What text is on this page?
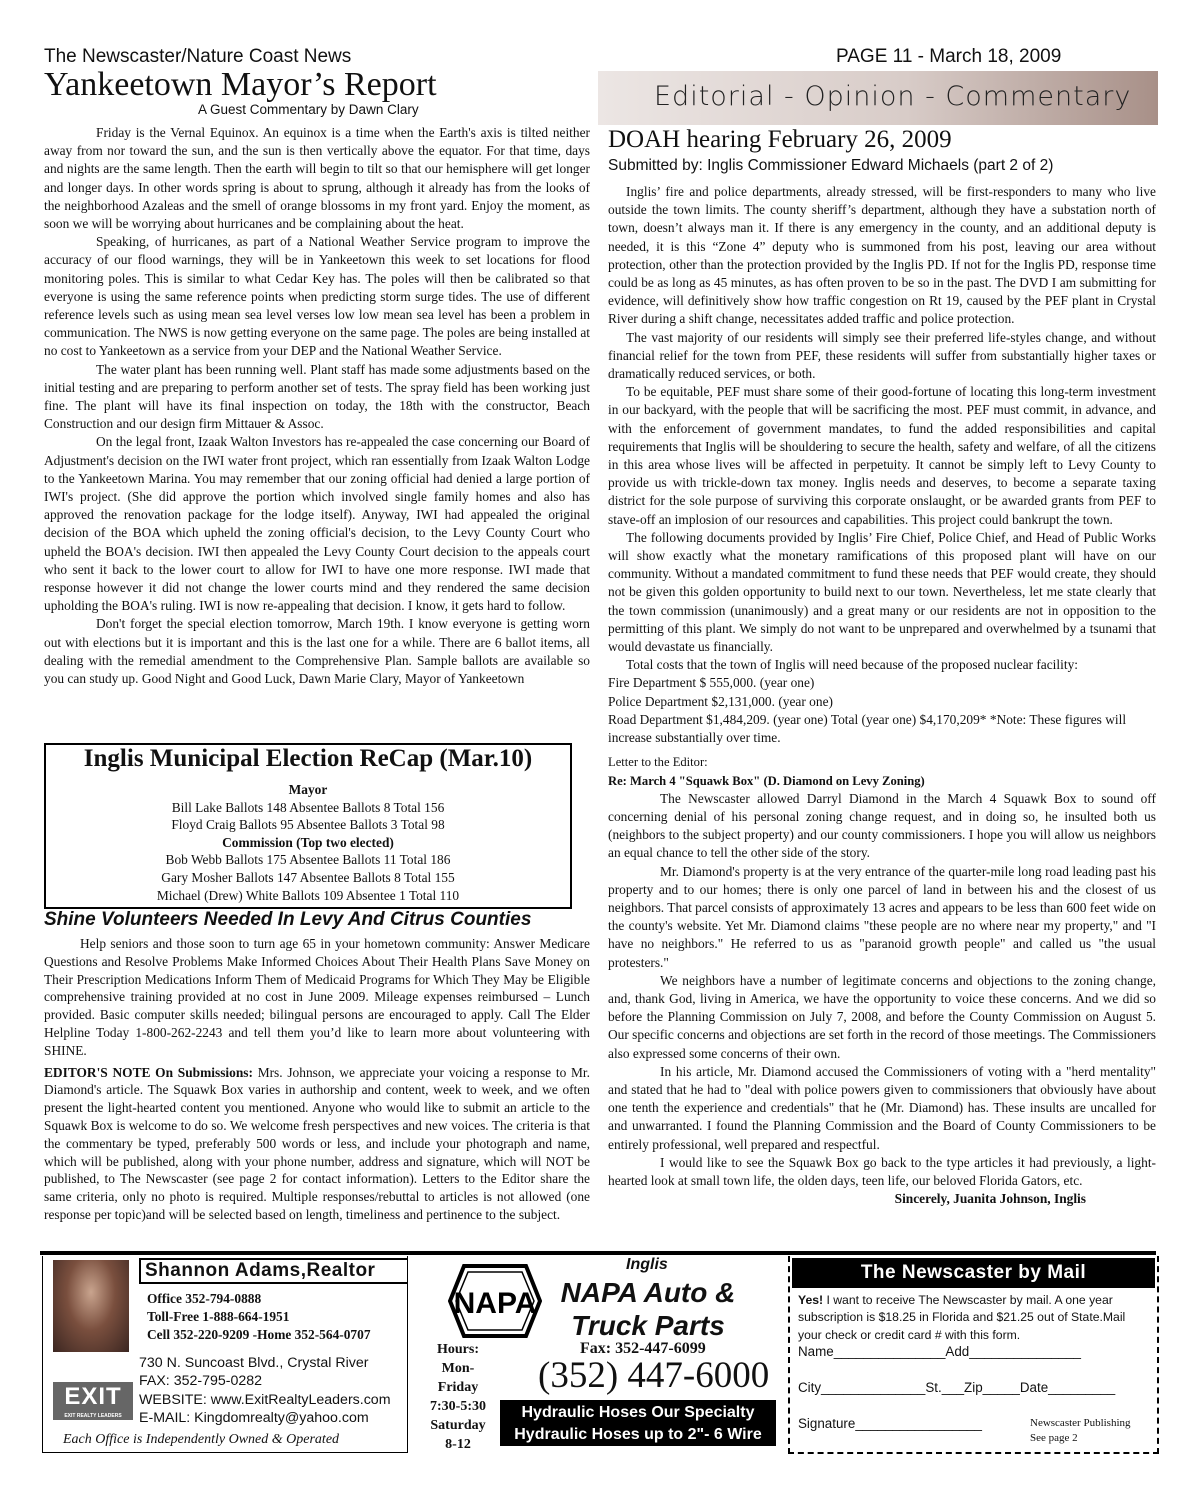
The Newscaster/Nature Coast News	PAGE 11 - March 18, 2009
Yankeetown Mayor’s Report
A Guest Commentary by Dawn Clary

Friday is the Vernal Equinox. An equinox is a time when the Earth's axis is tilted neither away from nor toward the sun, and the sun is then vertically above the equator. For that time, days and nights are the same length. Then the earth will begin to tilt so that our hemisphere will get longer and longer days. In other words spring is about to sprung, although it already has from the looks of the neighborhood Azaleas and the smell of orange blossoms in my front yard. Enjoy the moment, as soon we will be worrying about hurricanes and be complaining about the heat.

Speaking, of hurricanes, as part of a National Weather Service program to improve the accuracy of our flood warnings, they will be in Yankeetown this week to set locations for flood monitoring poles. This is similar to what Cedar Key has. The poles will then be calibrated so that everyone is using the same reference points when predicting storm surge tides. The use of different reference levels such as using mean sea level verses low low mean sea level has been a problem in communication. The NWS is now getting everyone on the same page. The poles are being installed at no cost to Yankeetown as a service from your DEP and the National Weather Service.

The water plant has been running well. Plant staff has made some adjustments based on the initial testing and are preparing to perform another set of tests. The spray field has been working just fine. The plant will have its final inspection on today, the 18th with the constructor, Beach Construction and our design firm Mittauer & Assoc.

On the legal front, Izaak Walton Investors has re-appealed the case concerning our Board of Adjustment's decision on the IWI water front project, which ran essentially from Izaak Walton Lodge to the Yankeetown Marina. You may remember that our zoning official had denied a large portion of IWI's project. (She did approve the portion which involved single family homes and also has approved the renovation package for the lodge itself). Anyway, IWI had appealed the original decision of the BOA which upheld the zoning official's decision, to the Levy County Court who upheld the BOA's decision. IWI then appealed the Levy County Court decision to the appeals court who sent it back to the lower court to allow for IWI to have one more response. IWI made that response however it did not change the lower courts mind and they rendered the same decision upholding the BOA's ruling. IWI is now re-appealing that decision. I know, it gets hard to follow.

Don't forget the special election tomorrow, March 19th. I know everyone is getting worn out with elections but it is important and this is the last one for a while. There are 6 ballot items, all dealing with the remedial amendment to the Comprehensive Plan. Sample ballots are available so you can study up. Good Night and Good Luck, Dawn Marie Clary, Mayor of Yankeetown

Inglis Municipal Election ReCap (Mar.10)
Mayor
Bill Lake Ballots 148 Absentee Ballots 8 Total 156
Floyd Craig Ballots 95 Absentee Ballots 3 Total 98
Commission (Top two elected)
Bob Webb Ballots 175 Absentee Ballots 11 Total 186
Gary Mosher Ballots 147 Absentee Ballots 8 Total 155
Michael (Drew) White Ballots 109 Absentee 1 Total 110
Shine Volunteers Needed In Levy And Citrus Counties

Help seniors and those soon to turn age 65 in your hometown community: Answer Medicare Questions and Resolve Problems Make Informed Choices About Their Health Plans Save Money on Their Prescription Medications Inform Them of Medicaid Programs for Which They May be Eligible comprehensive training provided at no cost in June 2009. Mileage expenses reimbursed – Lunch provided. Basic computer skills needed; bilingual persons are encouraged to apply. Call The Elder Helpline Today 1-800-262-2243 and tell them you’d like to learn more about volunteering with SHINE.

EDITOR'S NOTE On Submissions: Mrs. Johnson, we appreciate your voicing a response to Mr. Diamond's article. The Squawk Box varies in authorship and content, week to week, and we often present the light-hearted content you mentioned. Anyone who would like to submit an article to the Squawk Box is welcome to do so. We welcome fresh perspectives and new voices. The criteria is that the commentary be typed, preferably 500 words or less, and include your photograph and name, which will be published, along with your phone number, address and signature, which will NOT be published, to The Newscaster (see page 2 for contact information). Letters to the Editor share the same criteria, only no photo is required. Multiple responses/rebuttal to articles is not allowed (one response per topic)and will be selected based on length, timeliness and pertinence to the subject.

Editorial - Opinion - Commentary
DOAH hearing February 26, 2009
Submitted by: Inglis Commissioner Edward Michaels (part 2 of 2)

Inglis’ fire and police departments, already stressed, will be first-responders to many who live outside the town limits. The county sheriff’s department, although they have a substation north of town, doesn’t always man it. If there is any emergency in the county, and an additional deputy is needed, it is this “Zone 4” deputy who is summoned from his post, leaving our area without protection, other than the protection provided by the Inglis PD. If not for the Inglis PD, response time could be as long as 45 minutes, as has often proven to be so in the past. The DVD I am submitting for evidence, will definitively show how traffic congestion on Rt 19, caused by the PEF plant in Crystal River during a shift change, necessitates added traffic and police protection.

The vast majority of our residents will simply see their preferred life-styles change, and without financial relief for the town from PEF, these residents will suffer from substantially higher taxes or dramatically reduced services, or both.

To be equitable, PEF must share some of their good-fortune of locating this long-term investment in our backyard, with the people that will be sacrificing the most. PEF must commit, in advance, and with the enforcement of government mandates, to fund the added responsibilities and capital requirements that Inglis will be shouldering to secure the health, safety and welfare, of all the citizens in this area whose lives will be affected in perpetuity. It cannot be simply left to Levy County to provide us with trickle-down tax money. Inglis needs and deserves, to become a separate taxing district for the sole purpose of surviving this corporate onslaught, or be awarded grants from PEF to stave-off an implosion of our resources and capabilities. This project could bankrupt the town.

The following documents provided by Inglis’ Fire Chief, Police Chief, and Head of Public Works will show exactly what the monetary ramifications of this proposed plant will have on our community. Without a mandated commitment to fund these needs that PEF would create, they should not be given this golden opportunity to build next to our town. Nevertheless, let me state clearly that the town commission (unanimously) and a great many or our residents are not in opposition to the permitting of this plant. We simply do not want to be unprepared and overwhelmed by a tsunami that would devastate us financially.

Total costs that the town of Inglis will need because of the proposed nuclear facility:

Fire Department $ 555,000. (year one)

Police Department $2,131,000. (year one)

Road Department $1,484,209. (year one) Total (year one) $4,170,209* *Note: These figures will increase substantially over time.

Letter to the Editor:

Re: March 4 "Squawk Box" (D. Diamond on Levy Zoning)

The Newscaster allowed Darryl Diamond in the March 4 Squawk Box to sound off concerning denial of his personal zoning change request, and in doing so, he insulted both us (neighbors to the subject property) and our county commissioners. I hope you will allow us neighbors an equal chance to tell the other side of the story.

Mr. Diamond's property is at the very entrance of the quarter-mile long road leading past his property and to our homes; there is only one parcel of land in between his and the closest of us neighbors. That parcel consists of approximately 13 acres and appears to be less than 600 feet wide on the county's website. Yet Mr. Diamond claims "these people are no where near my property," and "I have no neighbors." He referred to us as "paranoid growth people" and called us "the usual protesters."

We neighbors have a number of legitimate concerns and objections to the zoning change, and, thank God, living in America, we have the opportunity to voice these concerns. And we did so before the Planning Commission on July 7, 2008, and before the County Commission on August 5. Our specific concerns and objections are set forth in the record of those meetings. The Commissioners also expressed some concerns of their own.

In his article, Mr. Diamond accused the Commissioners of voting with a "herd mentality" and stated that he had to "deal with police powers given to commissioners that obviously have about one tenth the experience and credentials" that he (Mr. Diamond) has. These insults are uncalled for and unwarranted. I found the Planning Commission and the Board of County Commissioners to be entirely professional, well prepared and respectful.

I would like to see the Squawk Box go back to the type articles it had previously, a light-hearted look at small town life, the olden days, teen life, our beloved Florida Gators, etc.

Sincerely, Juanita Johnson, Inglis

EXIT
EXIT REALTY LEADERS
Shannon Adams,Realtor
Office 352-794-0888
Toll-Free 1-888-664-1951
Cell 352-220-9209 -Home 352-564-0707
730 N. Suncoast Blvd., Crystal River
FAX: 352-795-0282
WEBSITE: www.ExitRealtyLeaders.com
E-MAIL: Kingdomrealty@yahoo.com
Each Office is Independently Owned & Operated
NAPA
Hours:
Mon-
Friday
7:30-5:30
Saturday
8-12
Inglis
NAPA Auto &
Truck Parts
Fax: 352-447-6099
(352) 447-6000
Hydraulic Hoses Our Specialty
Hydraulic Hoses up to 2"- 6 Wire
The Newscaster by Mail
Yes! I want to receive The Newscaster by mail. A one year subscription is $18.25 in Florida and $21.25 out of State.Mail your check or credit card # with this form.
Name_______________Add_______________
City______________St.___Zip_____Date_________
Signature_________________	Newscaster Publishing
See page 2
